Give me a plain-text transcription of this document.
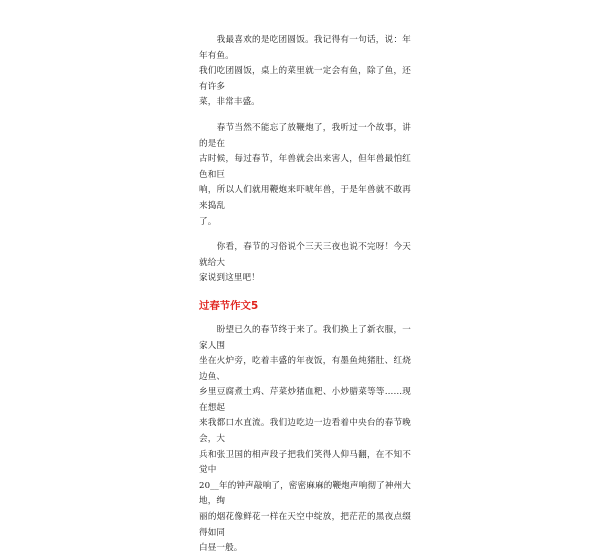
　　我最喜欢的是吃团圆饭。我记得有一句话，说：年年有鱼。
我们吃团圆饭，桌上的菜里就一定会有鱼，除了鱼，还有许多
菜，非常丰盛。

　　春节当然不能忘了放鞭炮了，我听过一个故事，讲的是在
古时候，每过春节，年兽就会出来害人，但年兽最怕红色和巨
响，所以人们就用鞭炮来吓唬年兽，于是年兽就不敢再来捣乱
了。

　　你看，春节的习俗说个三天三夜也说不完呀！今天就给大
家说到这里吧！

过春节作文5

　　盼望已久的春节终于来了。我们换上了新衣服，一家人围
坐在火炉旁，吃着丰盛的年夜饭，有墨鱼炖猪肚、红烧边鱼、
乡里豆腐煮土鸡、芹菜炒猪血粑、小炒腊菜等等……现在想起
来我都口水直流。我们边吃边一边看着中央台的春节晚会，大
兵和张卫国的相声段子把我们笑得人仰马翻，在不知不觉中
20__年的钟声敲响了，密密麻麻的鞭炮声响彻了神州大地，绚
丽的烟花像鲜花一样在天空中绽放，把茫茫的黑夜点缀得如同
白昼一般。
